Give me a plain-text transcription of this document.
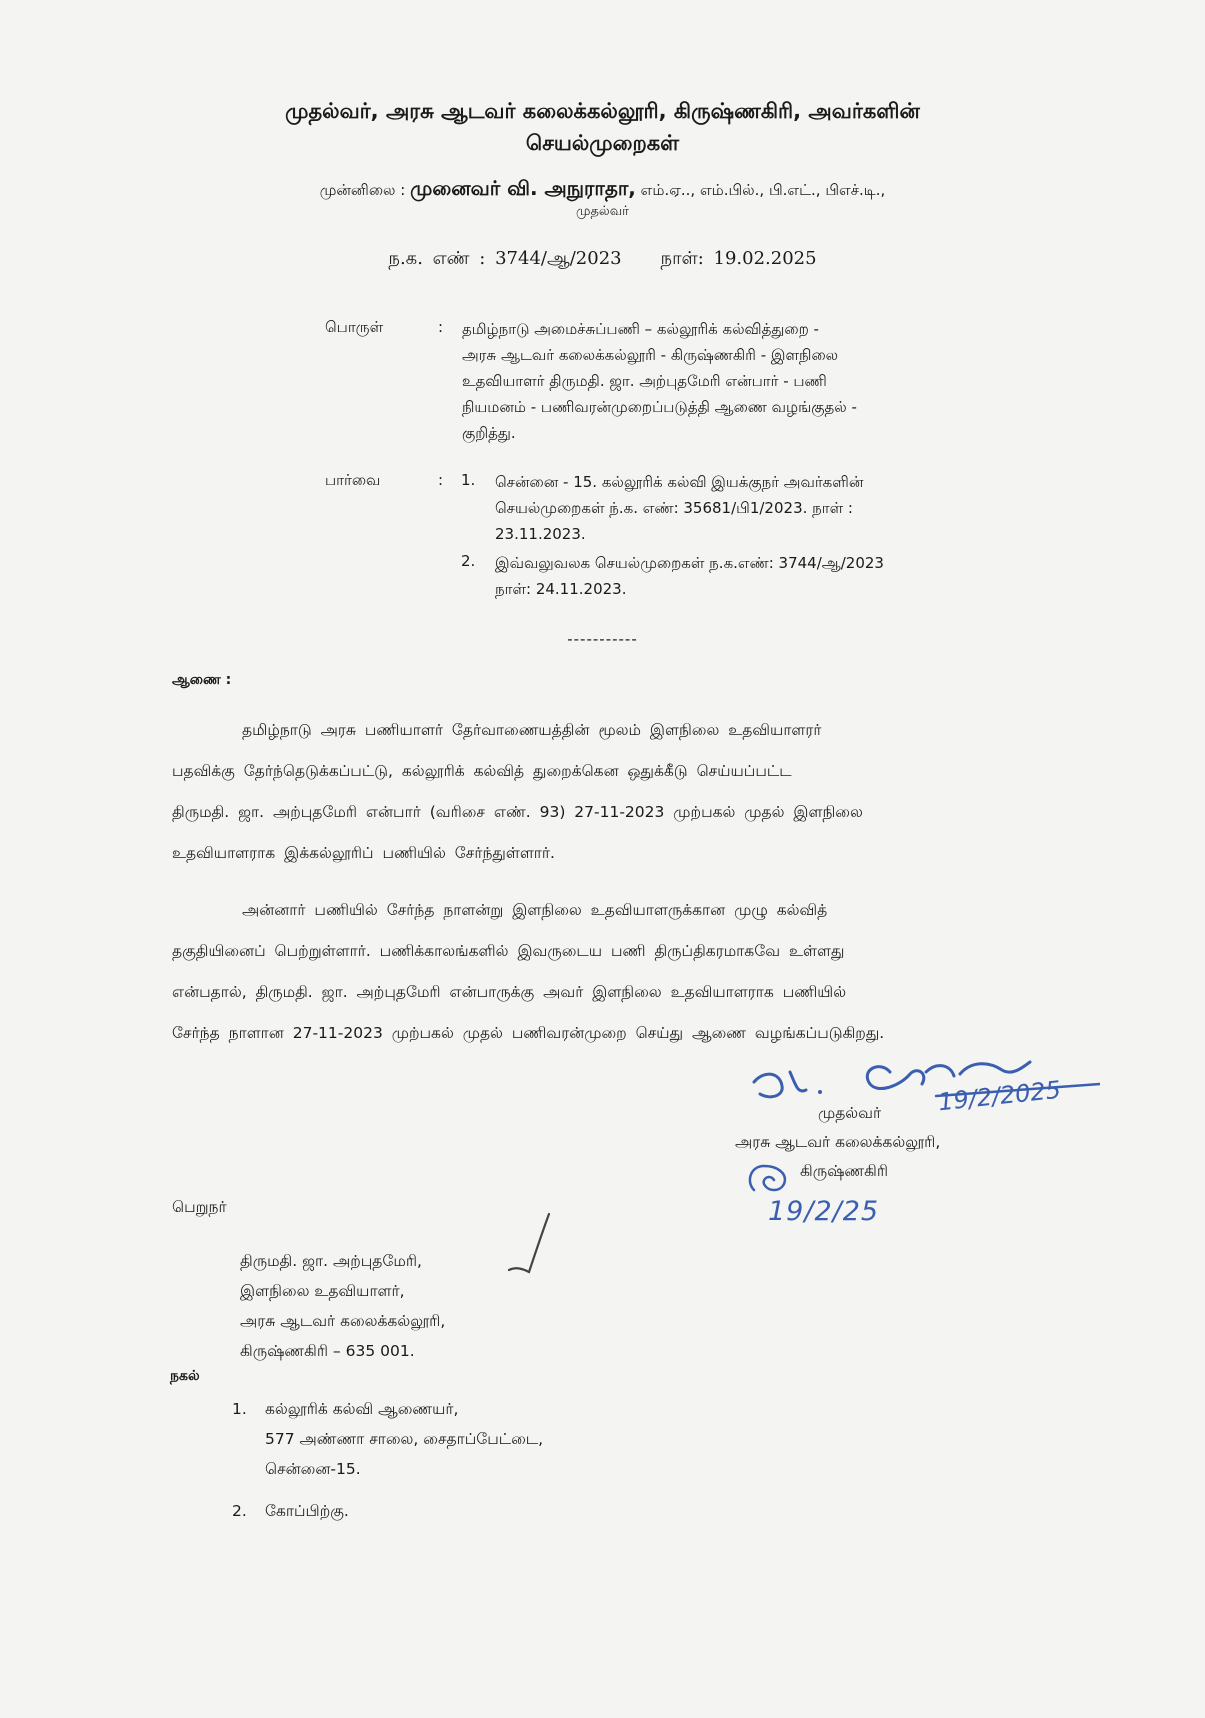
முதல்வர், அரசு ஆடவர் கலைக்கல்லூரி, கிருஷ்ணகிரி, அவர்களின்
செயல்முறைகள்
முன்னிலை : முனைவர் வி. அநுராதா, எம்.ஏ.., எம்.பில்., பி.எட்., பிஎச்.டி.,
முதல்வர்
ந.க. எண் : 3744/ஆ/2023 நாள்: 19.02.2025
பொருள்	: தமிழ்நாடு அமைச்சுப்பணி – கல்லூரிக் கல்வித்துறை -
அரசு ஆடவர் கலைக்கல்லூரி - கிருஷ்ணகிரி - இளநிலை
உதவியாளர் திருமதி. ஜா. அற்புதமேரி என்பார் - பணி
நியமனம் - பணிவரன்முறைப்படுத்தி ஆணை வழங்குதல் -
குறித்து.
பார்வை	: 1. சென்னை - 15. கல்லூரிக் கல்வி இயக்குநர் அவர்களின்
செயல்முறைகள் ந்.க. எண்: 35681/பி1/2023. நாள் :
23.11.2023.
2. இவ்வலுவலக செயல்முறைகள் ந.க.எண்: 3744/ஆ/2023
நாள்: 24.11.2023.
-----------
ஆணை :
தமிழ்நாடு அரசு பணியாளர் தேர்வாணையத்தின் மூலம் இளநிலை உதவியாளரர்
பதவிக்கு தேர்ந்தெடுக்கப்பட்டு, கல்லூரிக் கல்வித் துறைக்கென ஒதுக்கீடு செய்யப்பட்ட
திருமதி. ஜா. அற்புதமேரி என்பார் (வரிசை எண். 93) 27-11-2023 முற்பகல் முதல் இளநிலை
உதவியாளராக இக்கல்லூரிப் பணியில் சேர்ந்துள்ளார்.
அன்னார் பணியில் சேர்ந்த நாளன்று இளநிலை உதவியாளருக்கான முழு கல்வித்
தகுதியினைப் பெற்றுள்ளார். பணிக்காலங்களில் இவருடைய பணி திருப்திகரமாகவே உள்ளது
என்பதால், திருமதி. ஜா. அற்புதமேரி என்பாருக்கு அவர் இளநிலை உதவியாளராக பணியில்
சேர்ந்த நாளான 27-11-2023 முற்பகல் முதல் பணிவரன்முறை செய்து ஆணை வழங்கப்படுகிறது.
19/2/2025
முதல்வர்
அரசு ஆடவர் கலைக்கல்லூரி,
கிருஷ்ணகிரி
19/2/25
பெறுநர்
திருமதி. ஜா. அற்புதமேரி,
இளநிலை உதவியாளர்,
அரசு ஆடவர் கலைக்கல்லூரி,
கிருஷ்ணகிரி – 635 001.
நகல்
1. கல்லூரிக் கல்வி ஆணையர்,
577 அண்ணா சாலை, சைதாப்பேட்டை,
சென்னை-15.
2. கோப்பிற்கு.
